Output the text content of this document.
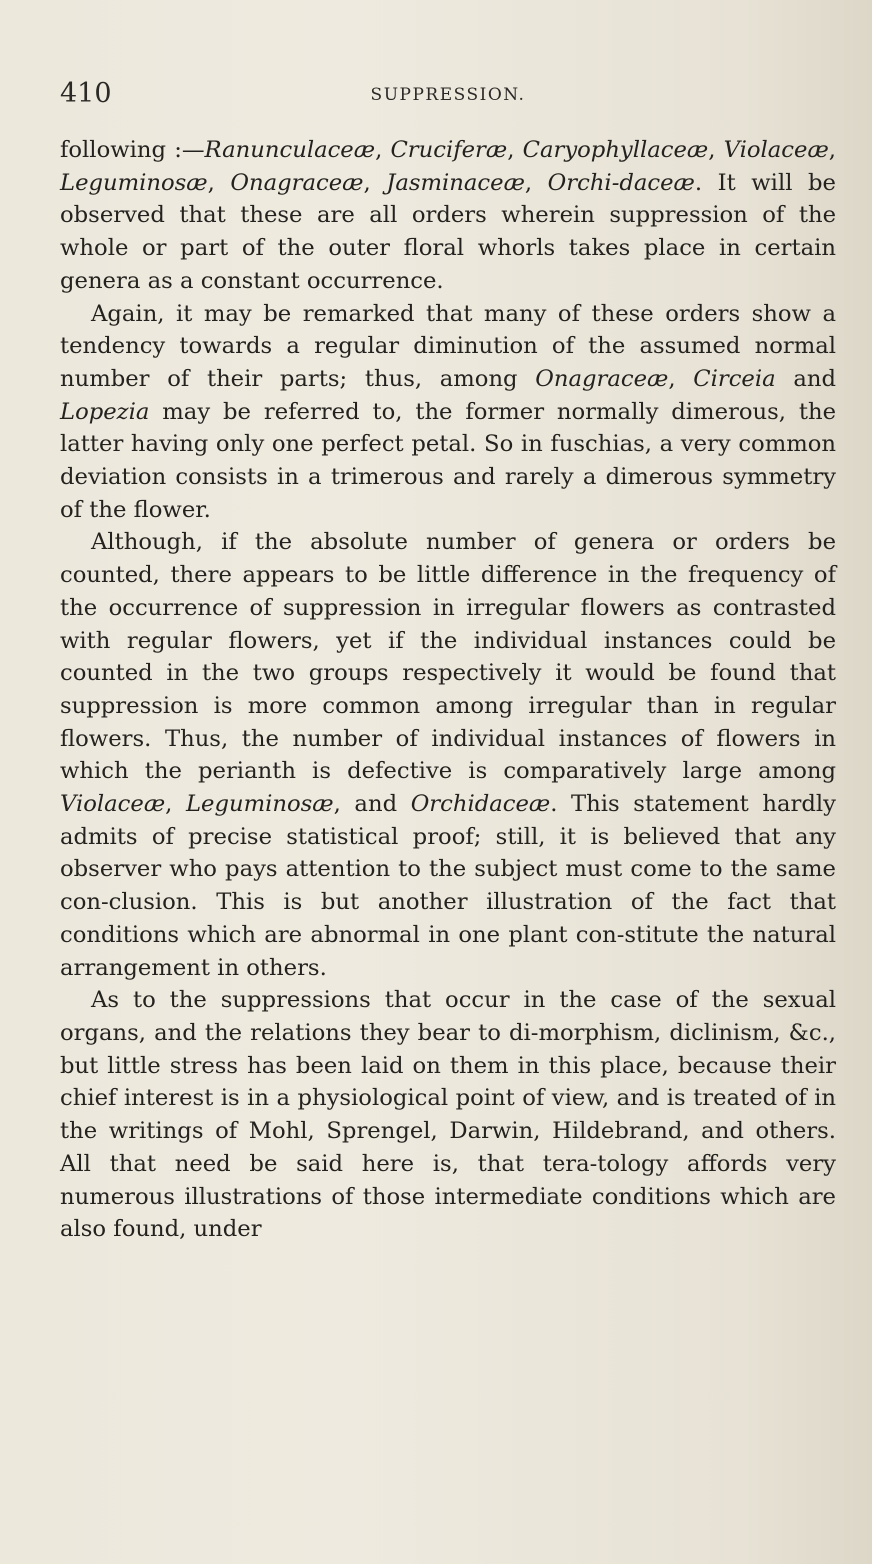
410	SUPPRESSION.

following :—Ranunculaceæ, Cruciferæ, Caryophyllaceæ, Violaceæ, Leguminosæ, Onagraceæ, Jasminaceæ, Orchi-daceæ. It will be observed that these are all orders wherein suppression of the whole or part of the outer floral whorls takes place in certain genera as a constant occurrence.

Again, it may be remarked that many of these orders show a tendency towards a regular diminution of the assumed normal number of their parts; thus, among Onagraceæ, Circeia and Lopezia may be referred to, the former normally dimerous, the latter having only one perfect petal. So in fuschias, a very common deviation consists in a trimerous and rarely a dimerous symmetry of the flower.

Although, if the absolute number of genera or orders be counted, there appears to be little difference in the frequency of the occurrence of suppression in irregular flowers as contrasted with regular flowers, yet if the individual instances could be counted in the two groups respectively it would be found that suppression is more common among irregular than in regular flowers. Thus, the number of individual instances of flowers in which the perianth is defective is comparatively large among Violaceæ, Leguminosæ, and Orchidaceæ. This statement hardly admits of precise statistical proof; still, it is believed that any observer who pays attention to the subject must come to the same con-clusion. This is but another illustration of the fact that conditions which are abnormal in one plant con-stitute the natural arrangement in others.

As to the suppressions that occur in the case of the sexual organs, and the relations they bear to di-morphism, diclinism, &c., but little stress has been laid on them in this place, because their chief interest is in a physiological point of view, and is treated of in the writings of Mohl, Sprengel, Darwin, Hildebrand, and others. All that need be said here is, that tera-tology affords very numerous illustrations of those intermediate conditions which are also found, under
